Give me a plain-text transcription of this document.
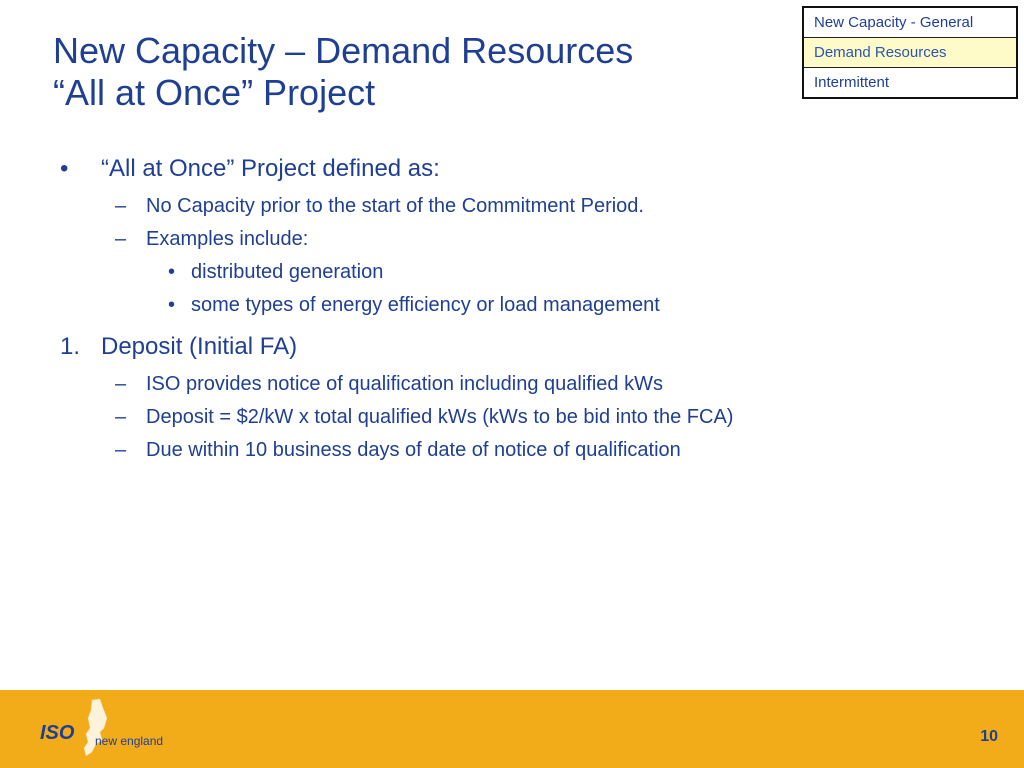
New Capacity – Demand Resources
“All at Once” Project
New Capacity - General
Demand Resources
Intermittent
• “All at Once” Project defined as:
– No Capacity prior to the start of the Commitment Period.
– Examples include:
• distributed generation
• some types of energy efficiency or load management
1. Deposit (Initial FA)
– ISO provides notice of qualification including qualified kWs
– Deposit = $2/kW x total qualified kWs (kWs to be bid into the FCA)
– Due within 10 business days of date of notice of qualification
ISO new england	10
